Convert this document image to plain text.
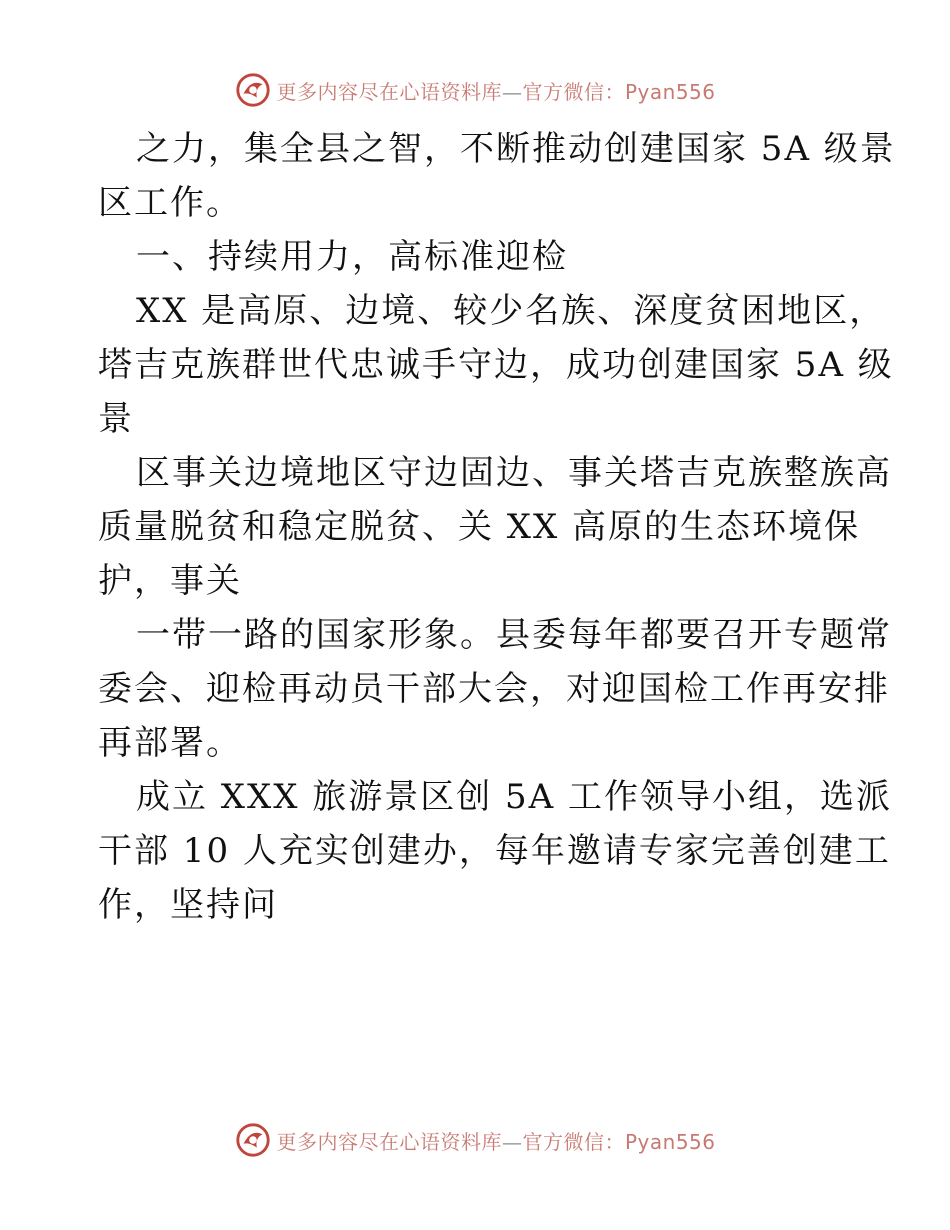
更多内容尽在心语资料库—官方微信：Pyan556
之力，集全县之智，不断推动创建国家 5A 级景
区工作。
一、持续用力，高标准迎检
XX 是高原、边境、较少名族、深度贫困地区，
塔吉克族群世代忠诚手守边，成功创建国家 5A 级
景
区事关边境地区守边固边、事关塔吉克族整族高
质量脱贫和稳定脱贫、关 XX 高原的生态环境保
护，事关
一带一路的国家形象。县委每年都要召开专题常
委会、迎检再动员干部大会，对迎国检工作再安排
再部署。
成立 XXX 旅游景区创 5A 工作领导小组，选派
干部 10 人充实创建办，每年邀请专家完善创建工
作，坚持问
更多内容尽在心语资料库—官方微信：Pyan556
